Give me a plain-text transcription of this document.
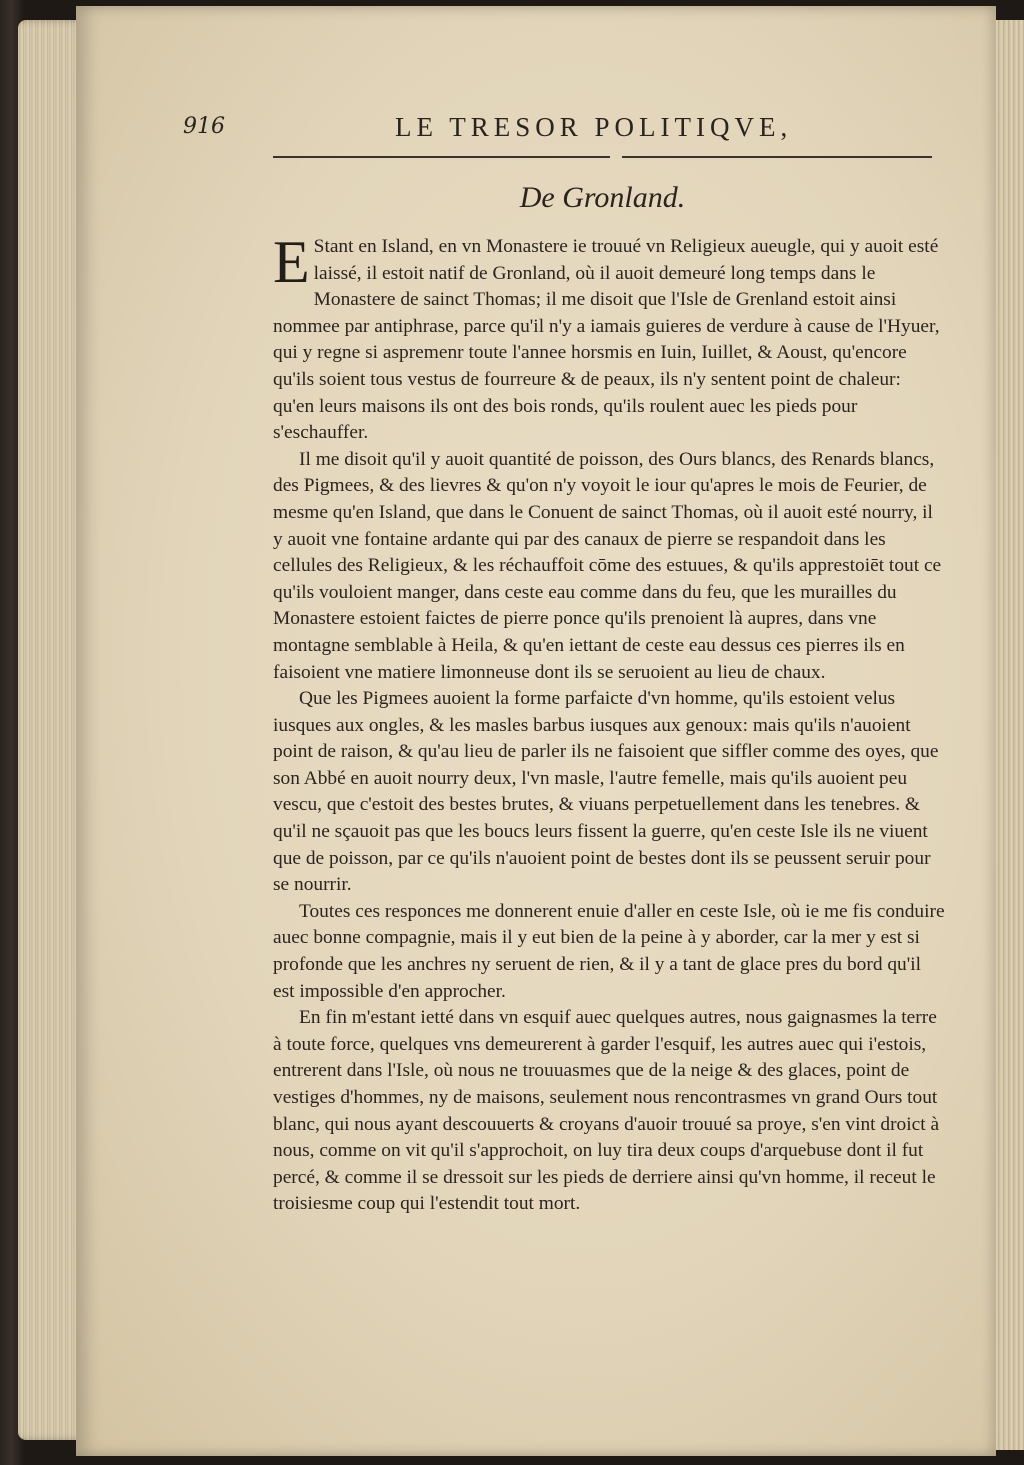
916	LE TRESOR POLITIQVE,
De Gronland.

E Stant en Island, en vn Monastere ie trouué vn Religieux aueugle, qui y auoit esté laissé, il estoit natif de Gronland, où il auoit demeuré long temps dans le Monastere de sainct Thomas; il me disoit que l'Isle de Grenland estoit ainsi nommee par antiphrase, parce qu'il n'y a iamais guieres de verdure à cause de l'Hyuer, qui y regne si aspremenr toute l'annee horsmis en Iuin, Iuillet, & Aoust, qu'encore qu'ils soient tous vestus de fourreure & de peaux, ils n'y sentent point de chaleur: qu'en leurs maisons ils ont des bois ronds, qu'ils roulent auec les pieds pour s'eschauffer.

Il me disoit qu'il y auoit quantité de poisson, des Ours blancs, des Renards blancs, des Pigmees, & des lievres & qu'on n'y voyoit le iour qu'apres le mois de Feurier, de mesme qu'en Island, que dans le Conuent de sainct Thomas, où il auoit esté nourry, il y auoit vne fontaine ardante qui par des canaux de pierre se respandoit dans les cellules des Religieux, & les réchauffoit cōme des estuues, & qu'ils apprestoiēt tout ce qu'ils vouloient manger, dans ceste eau comme dans du feu, que les murailles du Monastere estoient faictes de pierre ponce qu'ils prenoient là aupres, dans vne montagne semblable à Heila, & qu'en iettant de ceste eau dessus ces pierres ils en faisoient vne matiere limonneuse dont ils se seruoient au lieu de chaux.

Que les Pigmees auoient la forme parfaicte d'vn homme, qu'ils estoient velus iusques aux ongles, & les masles barbus iusques aux genoux: mais qu'ils n'auoient point de raison, & qu'au lieu de parler ils ne faisoient que siffler comme des oyes, que son Abbé en auoit nourry deux, l'vn masle, l'autre femelle, mais qu'ils auoient peu vescu, que c'estoit des bestes brutes, & viuans perpetuellement dans les tenebres. & qu'il ne sçauoit pas que les boucs leurs fissent la guerre, qu'en ceste Isle ils ne viuent que de poisson, par ce qu'ils n'auoient point de bestes dont ils se peussent seruir pour se nourrir.

Toutes ces responces me donnerent enuie d'aller en ceste Isle, où ie me fis conduire auec bonne compagnie, mais il y eut bien de la peine à y aborder, car la mer y est si profonde que les anchres ny seruent de rien, & il y a tant de glace pres du bord qu'il est impossible d'en approcher.

En fin m'estant ietté dans vn esquif auec quelques autres, nous gaignasmes la terre à toute force, quelques vns demeurerent à garder l'esquif, les autres auec qui i'estois, entrerent dans l'Isle, où nous ne trouuasmes que de la neige & des glaces, point de vestiges d'hommes, ny de maisons, seulement nous rencontrasmes vn grand Ours tout blanc, qui nous ayant descouuerts & croyans d'auoir trouué sa proye, s'en vint droict à nous, comme on vit qu'il s'approchoit, on luy tira deux coups d'arquebuse dont il fut percé, & comme il se dressoit sur les pieds de derriere ainsi qu'vn homme, il receut le troisiesme coup qui l'estendit tout mort.
